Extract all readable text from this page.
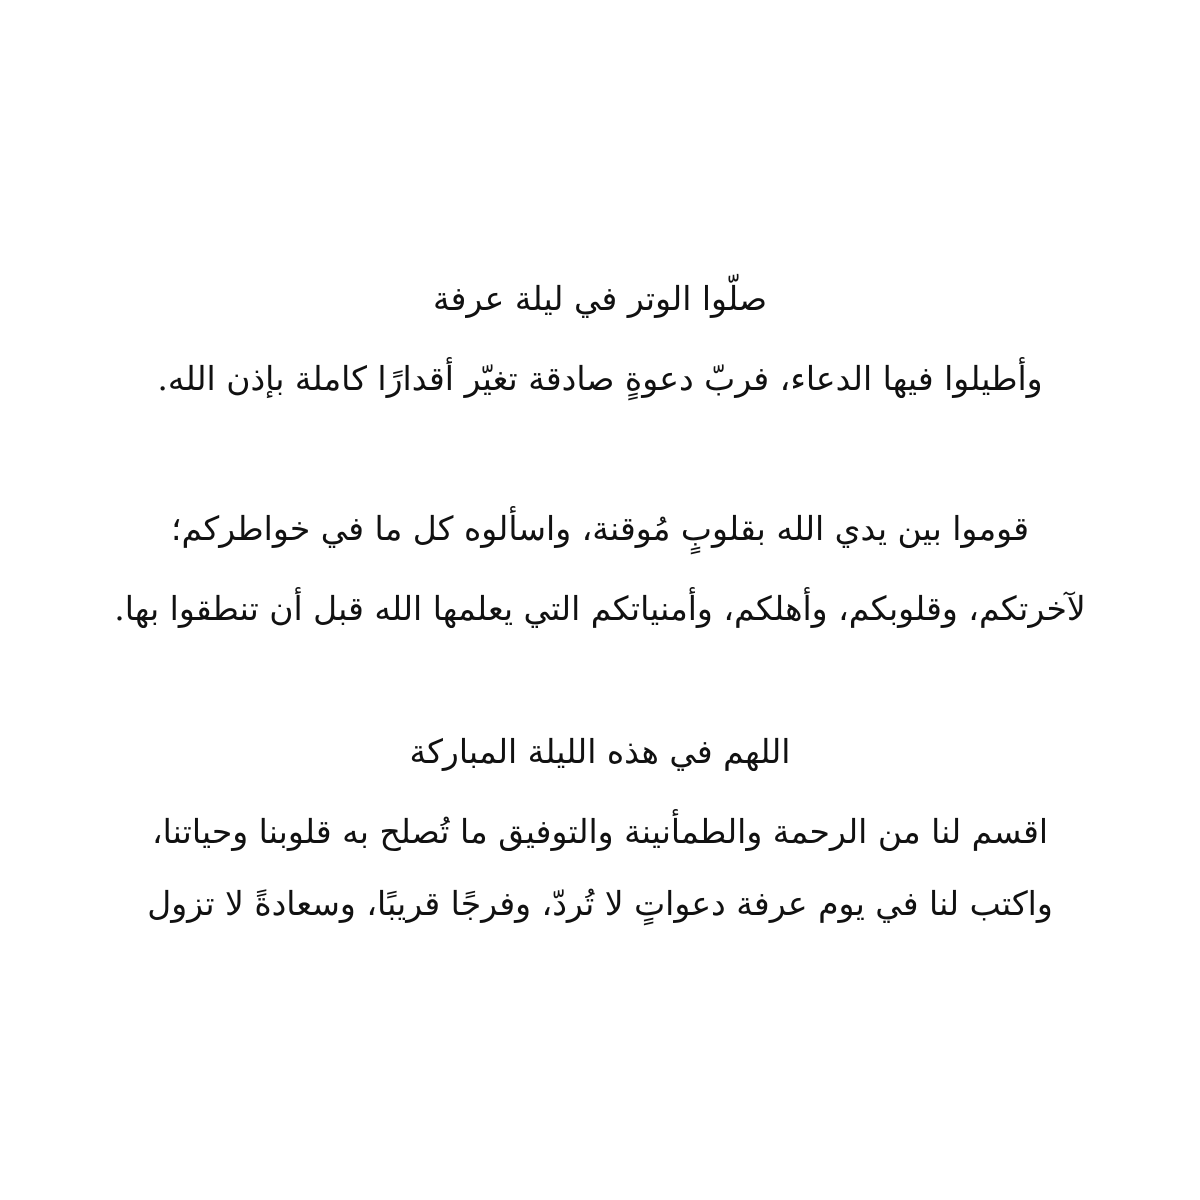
صلّوا الوتر في ليلة عرفة
وأطيلوا فيها الدعاء، فربّ دعوةٍ صادقة تغيّر أقدارًا كاملة بإذن الله.
قوموا بين يدي الله بقلوبٍ مُوقنة، واسألوه كل ما في خواطركم؛
لآخرتكم، وقلوبكم، وأهلكم، وأمنياتكم التي يعلمها الله قبل أن تنطقوا بها.
اللهم في هذه الليلة المباركة
اقسم لنا من الرحمة والطمأنينة والتوفيق ما تُصلح به قلوبنا وحياتنا،
واكتب لنا في يوم عرفة دعواتٍ لا تُردّ، وفرجًا قريبًا، وسعادةً لا تزول
